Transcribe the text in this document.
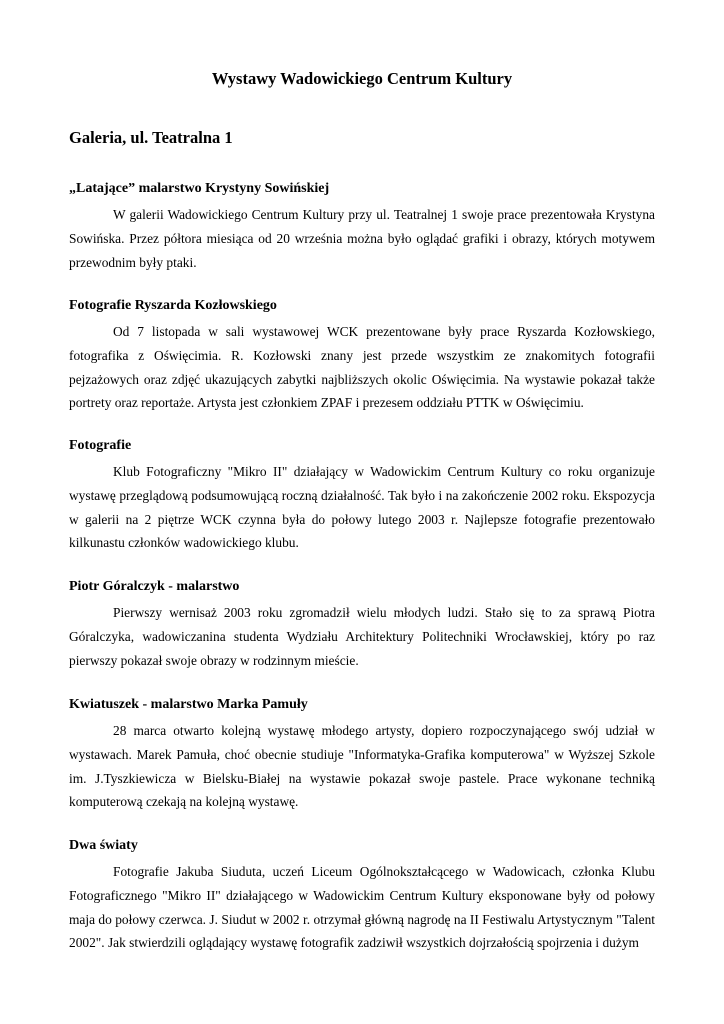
Wystawy Wadowickiego Centrum Kultury
Galeria, ul. Teatralna 1
„Latające” malarstwo Krystyny Sowińskiej

W galerii Wadowickiego Centrum Kultury przy ul. Teatralnej 1 swoje prace prezentowała Krystyna Sowińska. Przez półtora miesiąca od 20 września można było oglądać grafiki i obrazy, których motywem przewodnim były ptaki.

Fotografie Ryszarda Kozłowskiego

Od 7 listopada w sali wystawowej WCK prezentowane były prace Ryszarda Kozłowskiego, fotografika z Oświęcimia. R. Kozłowski znany jest przede wszystkim ze znakomitych fotografii pejzażowych oraz zdjęć ukazujących zabytki najbliższych okolic Oświęcimia. Na wystawie pokazał także portrety oraz reportaże. Artysta jest członkiem ZPAF i prezesem oddziału PTTK w Oświęcimiu.

Fotografie

Klub Fotograficzny "Mikro II" działający w Wadowickim Centrum Kultury co roku organizuje wystawę przeglądową podsumowującą roczną działalność. Tak było i na zakończenie 2002 roku. Ekspozycja w galerii na 2 piętrze WCK czynna była do połowy lutego 2003 r. Najlepsze fotografie prezentowało kilkunastu członków wadowickiego klubu.

Piotr Góralczyk - malarstwo

Pierwszy wernisaż 2003 roku zgromadził wielu młodych ludzi. Stało się to za sprawą Piotra Góralczyka, wadowiczanina studenta Wydziału Architektury Politechniki Wrocławskiej, który po raz pierwszy pokazał swoje obrazy w rodzinnym mieście.

Kwiatuszek - malarstwo Marka Pamuły

28 marca otwarto kolejną wystawę młodego artysty, dopiero rozpoczynającego swój udział w wystawach. Marek Pamuła, choć obecnie studiuje "Informatyka-Grafika komputerowa" w Wyższej Szkole im. J.Tyszkiewicza w Bielsku-Białej na wystawie pokazał swoje pastele. Prace wykonane techniką komputerową czekają na kolejną wystawę.

Dwa światy

Fotografie Jakuba Siuduta, uczeń Liceum Ogólnokształcącego w Wadowicach, członka Klubu Fotograficznego "Mikro II" działającego w Wadowickim Centrum Kultury eksponowane były od połowy maja do połowy czerwca. J. Siudut w 2002 r. otrzymał główną nagrodę na II Festiwalu Artystycznym "Talent 2002". Jak stwierdzili oglądający wystawę fotografik zadziwił wszystkich dojrzałością spojrzenia i dużym
